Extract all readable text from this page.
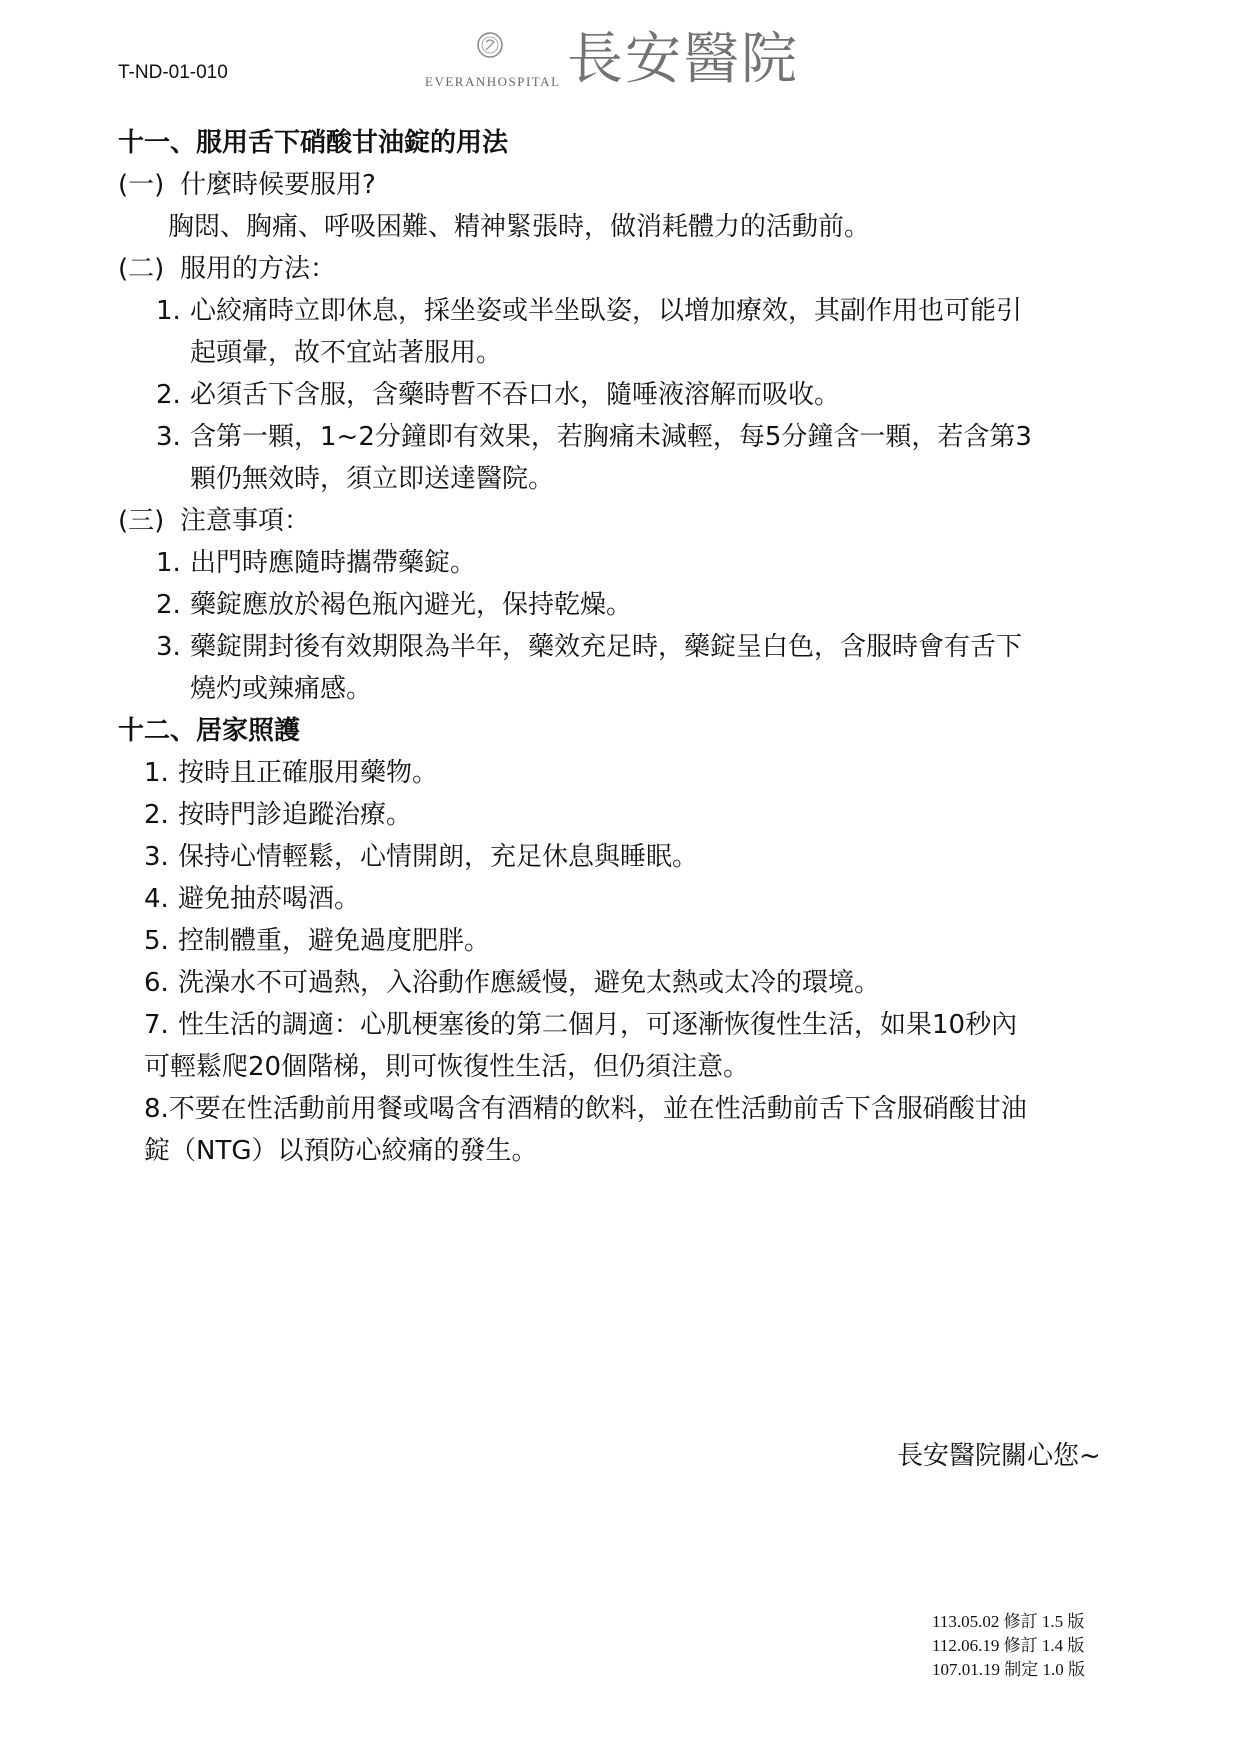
T-ND-01-010	EVERANHOSPITAL 長安醫院
十一、服用舌下硝酸甘油錠的用法
(一) 什麼時候要服用?
胸悶、胸痛、呼吸困難、精神緊張時，做消耗體力的活動前。
(二) 服用的方法：
1. 心絞痛時立即休息，採坐姿或半坐臥姿，以增加療效，其副作用也可能引
起頭暈，故不宜站著服用。
2. 必須舌下含服，含藥時暫不吞口水，隨唾液溶解而吸收。
3. 含第一顆，1~2分鐘即有效果，若胸痛未減輕，每5分鐘含一顆，若含第3
顆仍無效時，須立即送達醫院。
(三) 注意事項：
1. 出門時應隨時攜帶藥錠。
2. 藥錠應放於褐色瓶內避光，保持乾燥。
3. 藥錠開封後有效期限為半年，藥效充足時，藥錠呈白色，含服時會有舌下
燒灼或辣痛感。
十二、居家照護
1. 按時且正確服用藥物。
2. 按時門診追蹤治療。
3. 保持心情輕鬆，心情開朗，充足休息與睡眠。
4. 避免抽菸喝酒。
5. 控制體重，避免過度肥胖。
6. 洗澡水不可過熱，入浴動作應緩慢，避免太熱或太冷的環境。
7. 性生活的調適：心肌梗塞後的第二個月，可逐漸恢復性生活，如果10秒內
可輕鬆爬20個階梯，則可恢復性生活，但仍須注意。
8.不要在性活動前用餐或喝含有酒精的飲料，並在性活動前舌下含服硝酸甘油
錠（NTG）以預防心絞痛的發生。
長安醫院關心您~
113.05.02 修訂 1.5 版
112.06.19 修訂 1.4 版
107.01.19 制定 1.0 版
